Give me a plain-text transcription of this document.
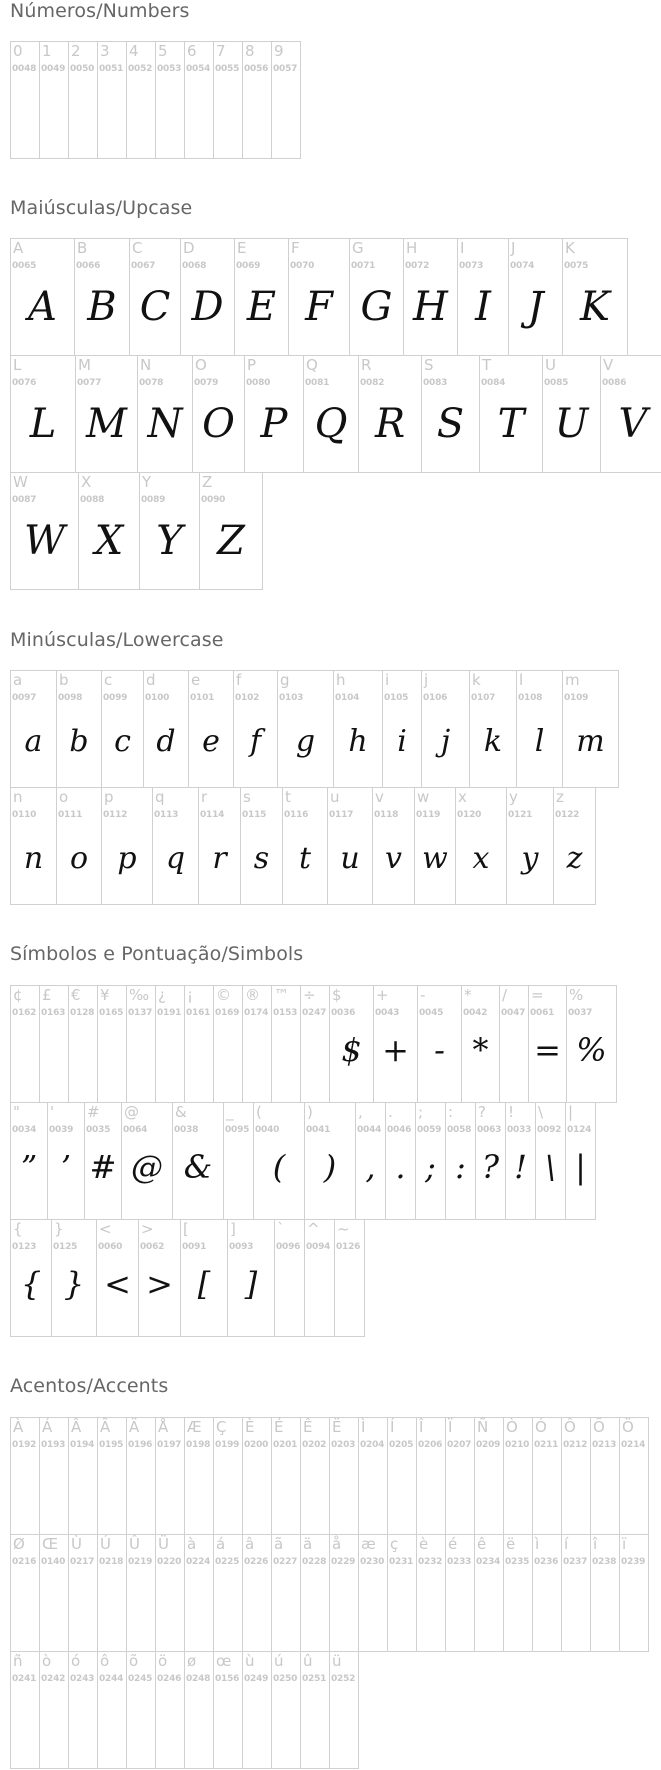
Números/Numbers
0
0048
1
0049
2
0050
3
0051
4
0052
5
0053
6
0054
7
0055
8
0056
9
0057
Maiúsculas/Upcase
A
0065
A
B
0066
B
C
0067
C
D
0068
D
E
0069
E
F
0070
F
G
0071
G
H
0072
H
I
0073
I
J
0074
J
K
0075
K
L
0076
L
M
0077
M
N
0078
N
O
0079
O
P
0080
P
Q
0081
Q
R
0082
R
S
0083
S
T
0084
T
U
0085
U
V
0086
V
W
0087
W
X
0088
X
Y
0089
Y
Z
0090
Z
Minúsculas/Lowercase
a
0097
a
b
0098
b
c
0099
c
d
0100
d
e
0101
e
f
0102
f
g
0103
g
h
0104
h
i
0105
i
j
0106
j
k
0107
k
l
0108
l
m
0109
m
n
0110
n
o
0111
o
p
0112
p
q
0113
q
r
0114
r
s
0115
s
t
0116
t
u
0117
u
v
0118
v
w
0119
w
x
0120
x
y
0121
y
z
0122
z
Símbolos e Pontuação/Simbols
¢
0162
£
0163
€
0128
¥
0165
‰
0137
¿
0191
¡
0161
©
0169
®
0174
™
0153
÷
0247
$
0036
$
+
0043
+
-
0045
-
*
0042
*
/
0047
=
0061
=
%
0037
%
"
0034
”
'
0039
’
#
0035
#
@
0064
@
&
0038
&
_
0095
(
0040
(
)
0041
)
,
0044
,
.
0046
.
;
0059
;
:
0058
:
?
0063
?
!
0033
!
\
0092
\
|
0124
|
{
0123
{
}
0125
}
<
0060
<
>
0062
>
[
0091
[
]
0093
]
`
0096
^
0094
~
0126
Acentos/Accents
À
0192
Á
0193
Â
0194
Ã
0195
Ä
0196
Å
0197
Æ
0198
Ç
0199
È
0200
É
0201
Ê
0202
Ë
0203
Ì
0204
Í
0205
Î
0206
Ï
0207
Ñ
0209
Ò
0210
Ó
0211
Ô
0212
Õ
0213
Ö
0214
Ø
0216
Œ
0140
Ù
0217
Ú
0218
Û
0219
Ü
0220
à
0224
á
0225
â
0226
ã
0227
ä
0228
å
0229
æ
0230
ç
0231
è
0232
é
0233
ê
0234
ë
0235
ì
0236
í
0237
î
0238
ï
0239
ñ
0241
ò
0242
ó
0243
ô
0244
õ
0245
ö
0246
ø
0248
œ
0156
ù
0249
ú
0250
û
0251
ü
0252
